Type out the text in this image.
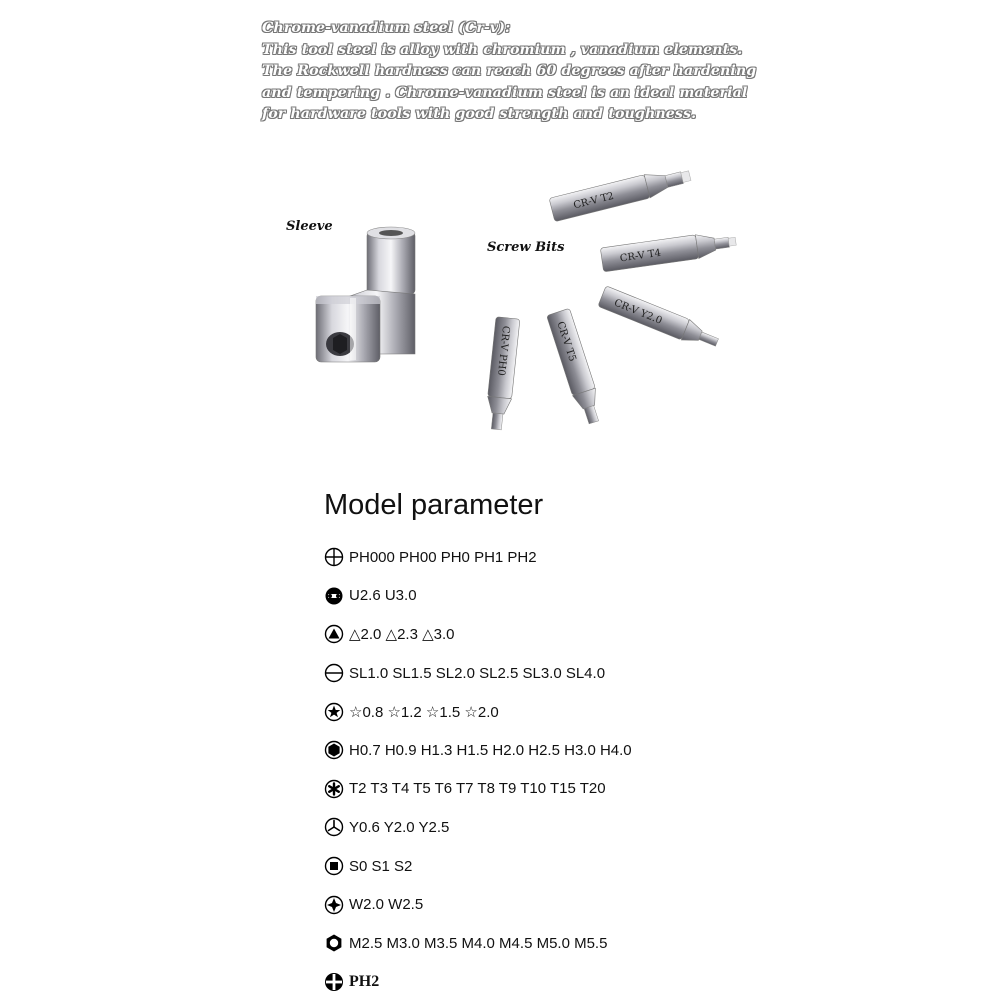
Chrome-vanadium steel (Cr-v):
This tool steel is alloy with chromium , vanadium elements.
The Rockwell hardness can reach 60 degrees after hardening
and tempering . Chrome-vanadium steel is an ideal material
for hardware tools with good strength and toughness.
CR-V T2
CR-V T4
CR-V Y2.0
CR-V T5
CR-V PH0
Sleeve
Screw Bits
Model parameter
PH000 PH00 PH0 PH1 PH2
U2.6 U3.0
△2.0 △2.3 △3.0
SL1.0 SL1.5 SL2.0 SL2.5 SL3.0 SL4.0
☆0.8 ☆1.2 ☆1.5 ☆2.0
H0.7 H0.9 H1.3 H1.5 H2.0 H2.5 H3.0 H4.0
T2 T3 T4 T5 T6 T7 T8 T9 T10 T15 T20
Y0.6 Y2.0 Y2.5
S0 S1 S2
W2.0 W2.5
M2.5 M3.0 M3.5 M4.0 M4.5 M5.0 M5.5
PH2
